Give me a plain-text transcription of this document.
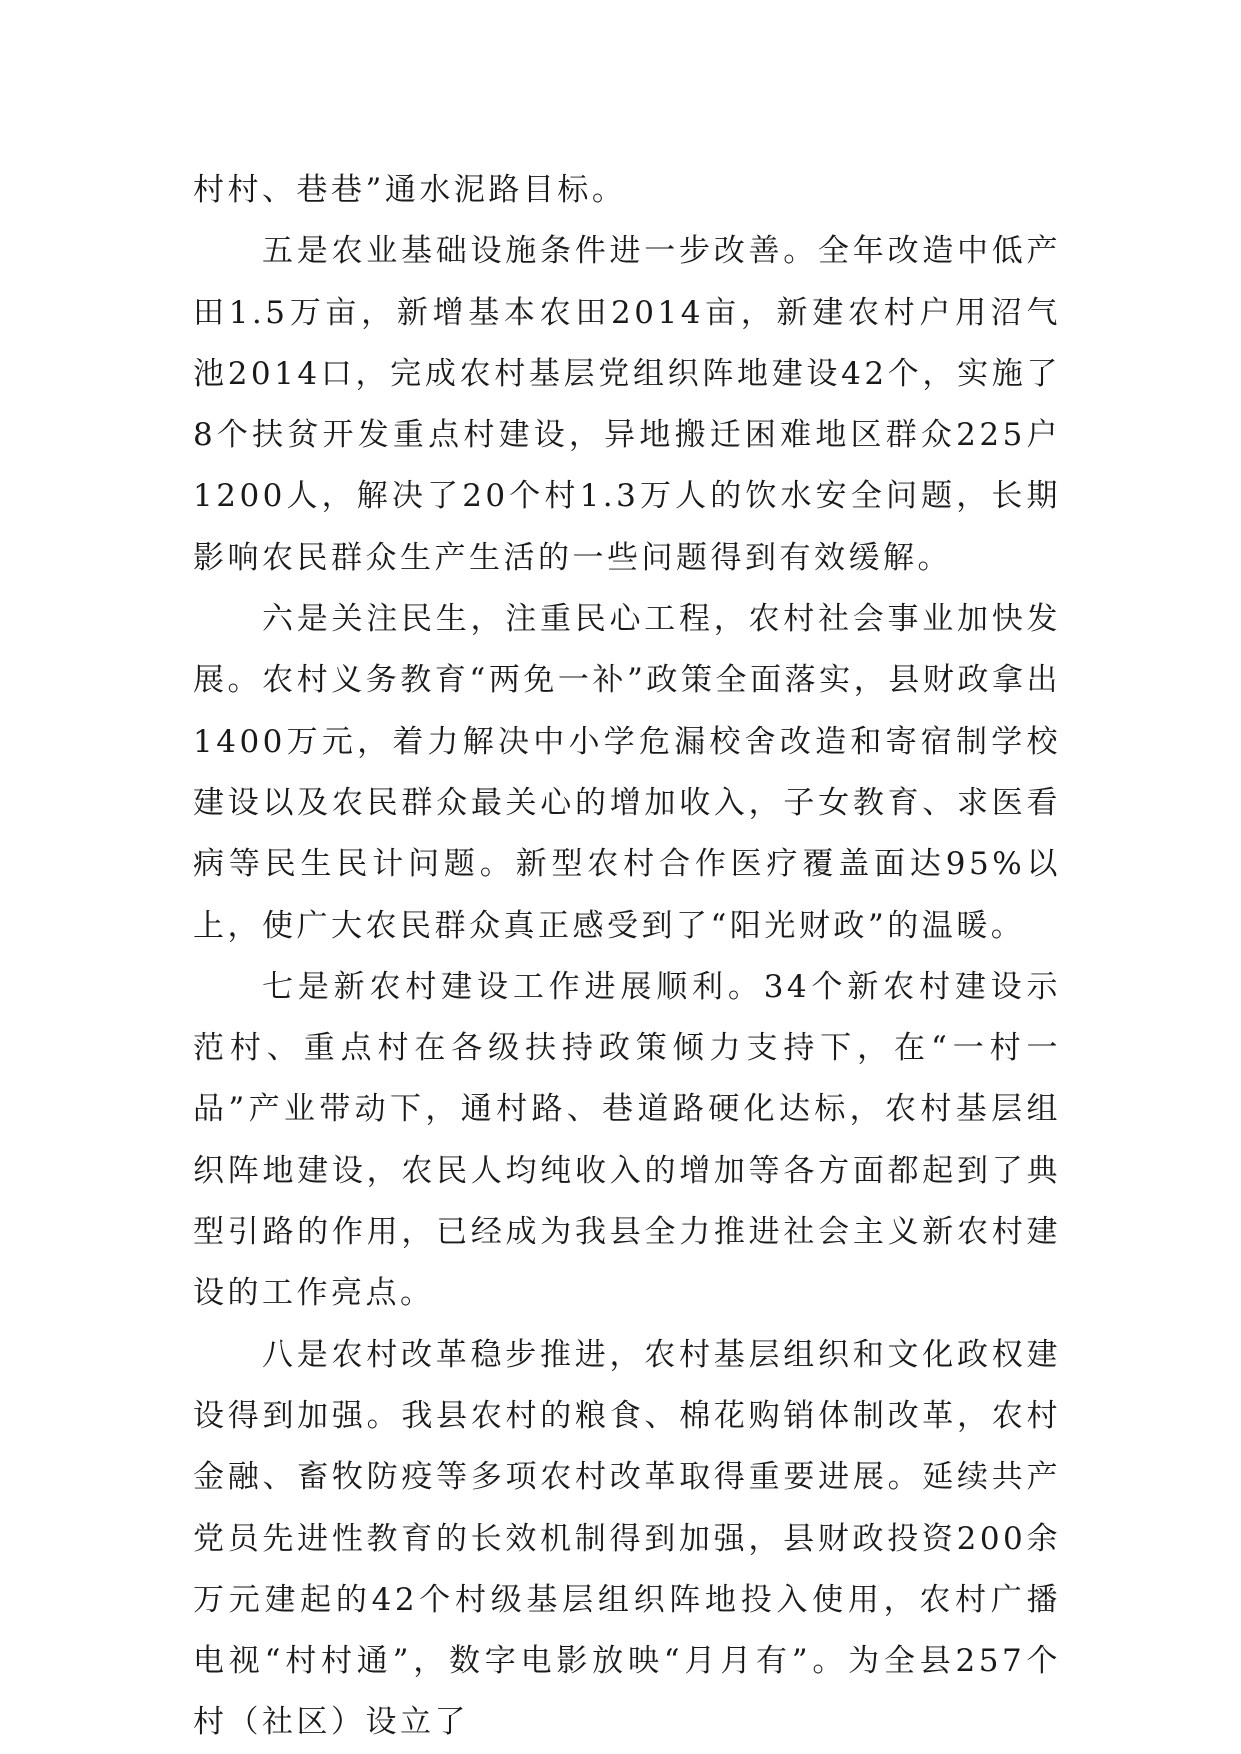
村村、巷巷”通水泥路目标。

五是农业基础设施条件进一步改善。全年改造中低产田1.5万亩，新增基本农田2014亩，新建农村户用沼气池2014口，完成农村基层党组织阵地建设42个，实施了8个扶贫开发重点村建设，异地搬迁困难地区群众225户1200人，解决了20个村1.3万人的饮水安全问题，长期影响农民群众生产生活的一些问题得到有效缓解。

六是关注民生，注重民心工程，农村社会事业加快发展。农村义务教育“两免一补”政策全面落实，县财政拿出1400万元，着力解决中小学危漏校舍改造和寄宿制学校建设以及农民群众最关心的增加收入，子女教育、求医看病等民生民计问题。新型农村合作医疗覆盖面达95%以上，使广大农民群众真正感受到了“阳光财政”的温暖。

七是新农村建设工作进展顺利。34个新农村建设示范村、重点村在各级扶持政策倾力支持下，在“一村一品”产业带动下，通村路、巷道路硬化达标，农村基层组织阵地建设，农民人均纯收入的增加等各方面都起到了典型引路的作用，已经成为我县全力推进社会主义新农村建设的工作亮点。

八是农村改革稳步推进，农村基层组织和文化政权建设得到加强。我县农村的粮食、棉花购销体制改革，农村金融、畜牧防疫等多项农村改革取得重要进展。延续共产党员先进性教育的长效机制得到加强，县财政投资200余万元建起的42个村级基层组织阵地投入使用，农村广播电视“村村通”，数字电影放映“月月有”。为全县257个村（社区）设立了
